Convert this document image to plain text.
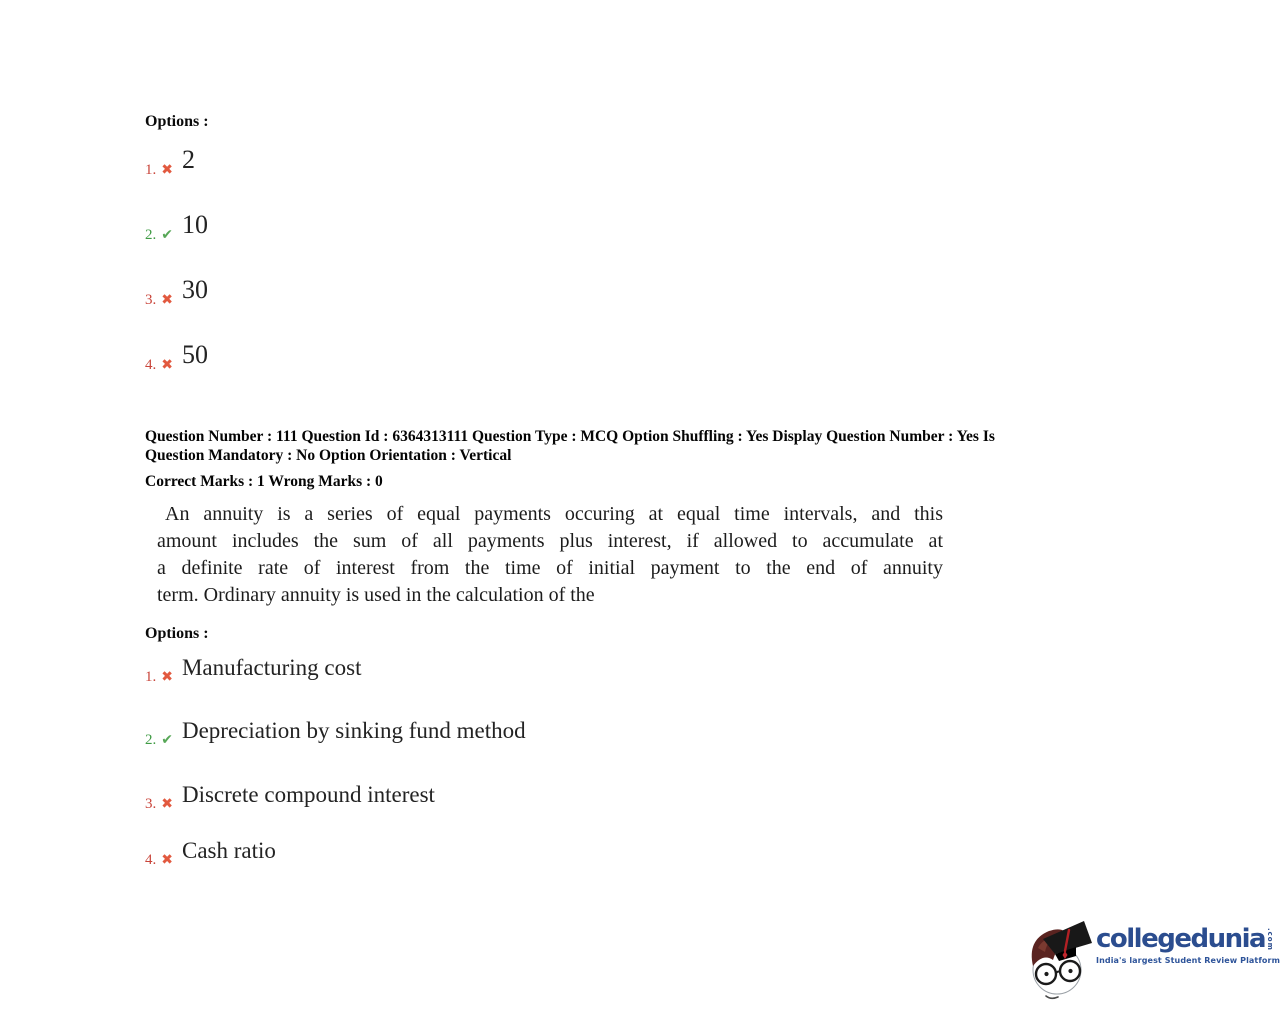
Options :
1. ✖ 2
2. ✔ 10
3. ✖ 30
4. ✖ 50
Question Number : 111 Question Id : 6364313111 Question Type : MCQ Option Shuffling : Yes Display Question Number : Yes Is
Question Mandatory : No Option Orientation : Vertical
Correct Marks : 1 Wrong Marks : 0
An annuity is a series of equal payments occuring at equal time intervals, and this
amount includes the sum of all payments plus interest, if allowed to accumulate at
a definite rate of interest from the time of initial payment to the end of annuity
term. Ordinary annuity is used in the calculation of the
Options :
1. ✖ Manufacturing cost
2. ✔ Depreciation by sinking fund method
3. ✖ Discrete compound interest
4. ✖ Cash ratio
collegedunia .com
India's largest Student Review Platform
